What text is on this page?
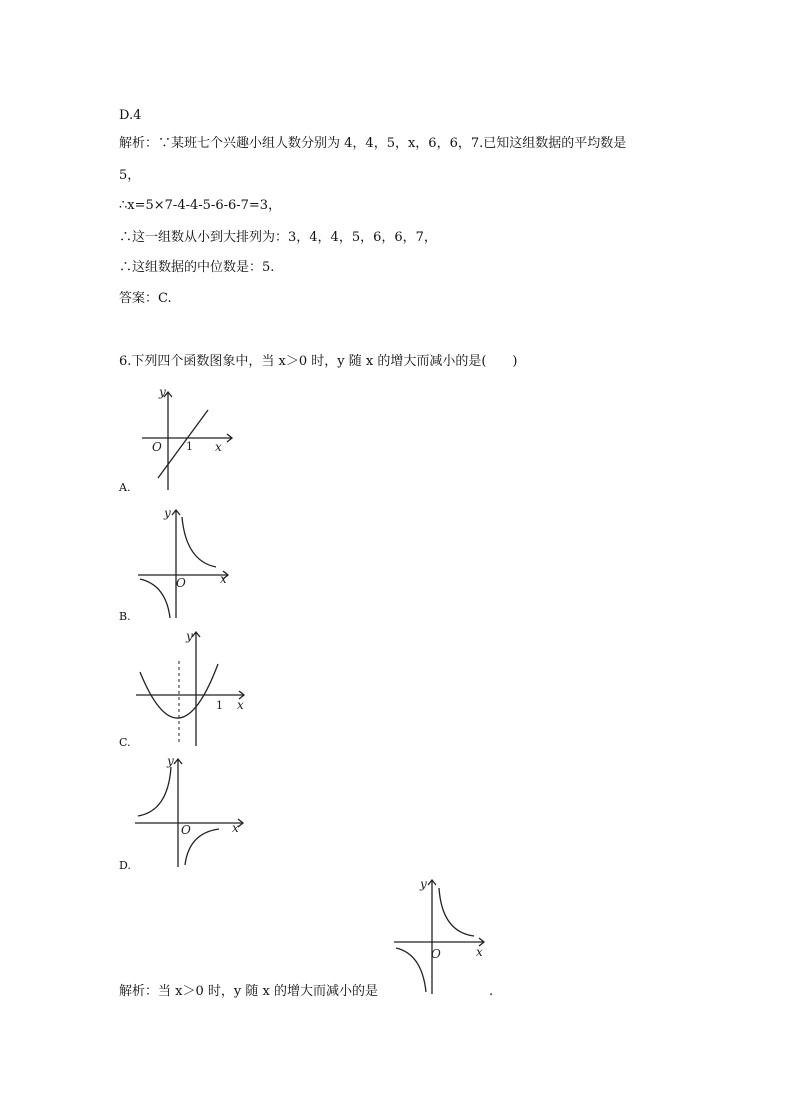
D.4
解析：∵某班七个兴趣小组人数分别为 4，4，5，x，6，6，7.已知这组数据的平均数是
5，
∴x=5×7-4-4-5-6-6-7=3，
∴这一组数从小到大排列为：3，4，4，5，6，6，7，
∴这组数据的中位数是：5.
答案：C.
6.下列四个函数图象中，当 x＞0 时，y 随 x 的增大而减小的是(　　)
y
x
O 1
A.
y
x
O
B.
y
x
1
C.
y
x
O
D.
y
x
O
解析：当 x＞0 时，y 随 x 的增大而减小的是	.
